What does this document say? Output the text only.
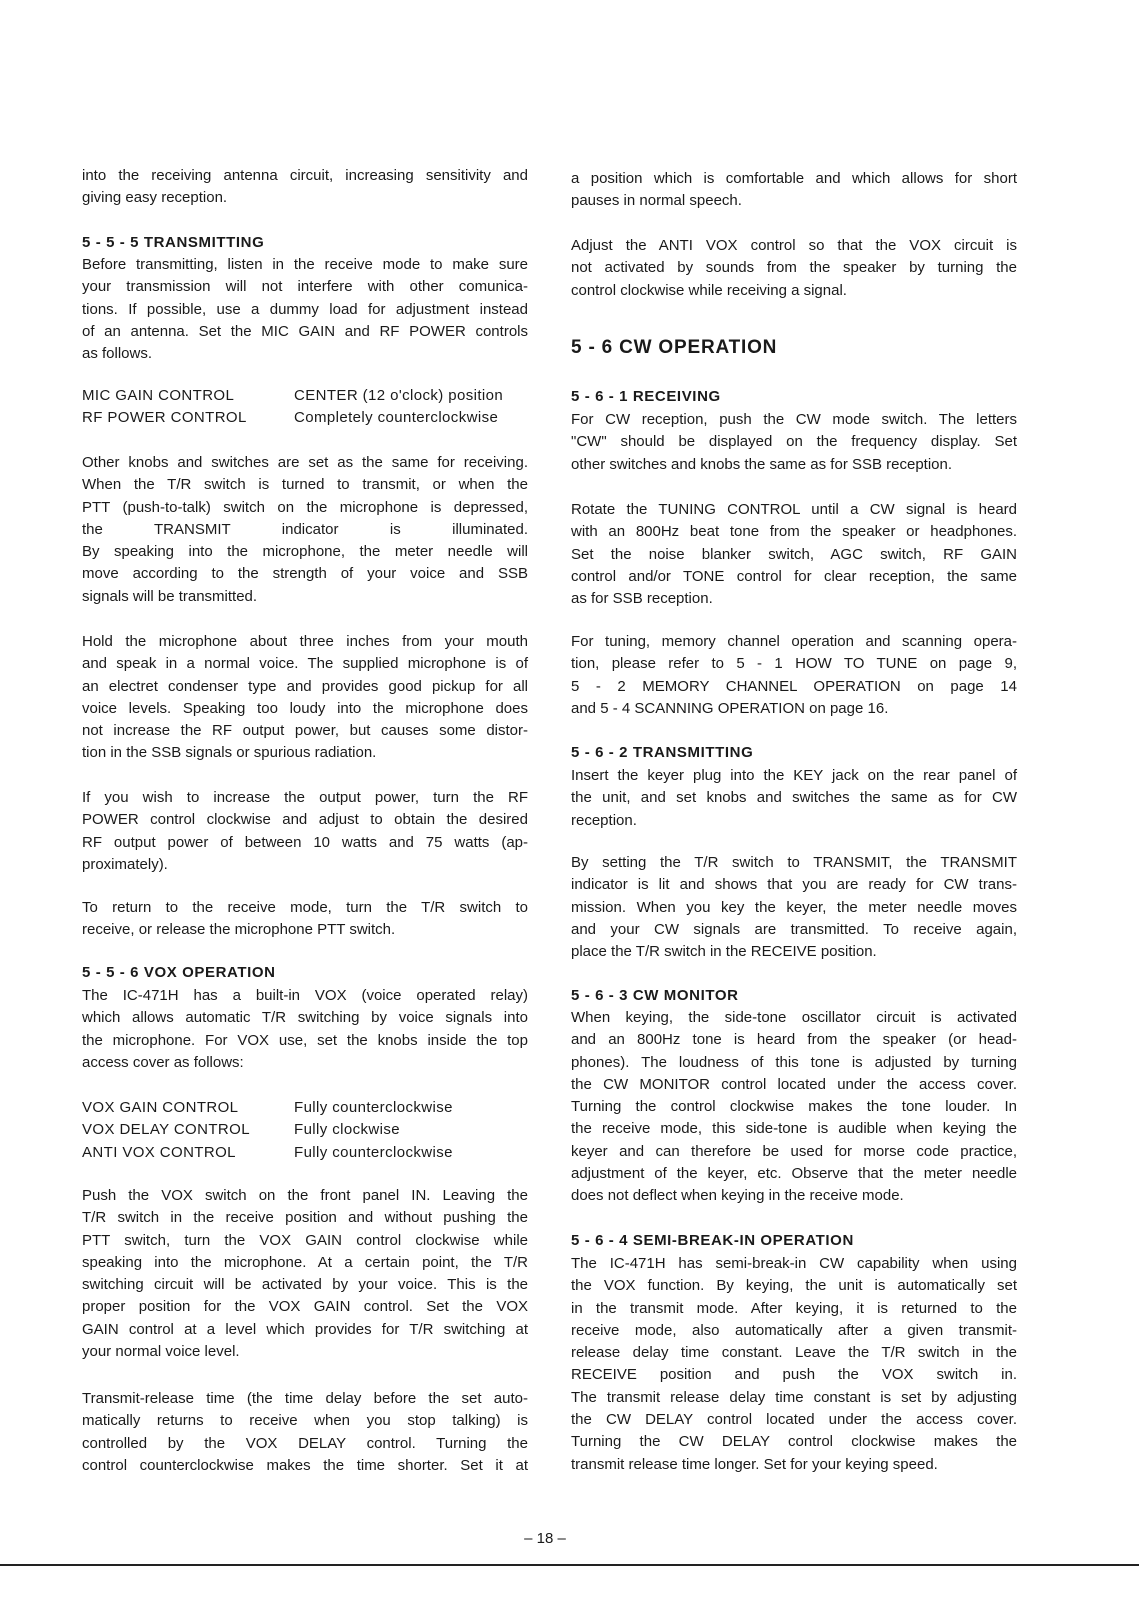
into the receiving antenna circuit, increasing sensitivity and
giving easy reception.
5 - 5 - 5 TRANSMITTING
Before transmitting, listen in the receive mode to make sure
your transmission will not interfere with other comunica-
tions. If possible, use a dummy load for adjustment instead
of an antenna. Set the MIC GAIN and RF POWER controls
as follows.
MIC GAIN CONTROL	CENTER (12 o'clock) position
RF POWER CONTROL	Completely counterclockwise
Other knobs and switches are set as the same for receiving.
When the T/R switch is turned to transmit, or when the
PTT (push-to-talk) switch on the microphone is depressed,
the TRANSMIT indicator is illuminated.
By speaking into the microphone, the meter needle will
move according to the strength of your voice and SSB
signals will be transmitted.
Hold the microphone about three inches from your mouth
and speak in a normal voice. The supplied microphone is of
an electret condenser type and provides good pickup for all
voice levels. Speaking too loudy into the microphone does
not increase the RF output power, but causes some distor-
tion in the SSB signals or spurious radiation.
If you wish to increase the output power, turn the RF
POWER control clockwise and adjust to obtain the desired
RF output power of between 10 watts and 75 watts (ap-
proximately).
To return to the receive mode, turn the T/R switch to
receive, or release the microphone PTT switch.
5 - 5 - 6 VOX OPERATION
The IC-471H has a built-in VOX (voice operated relay)
which allows automatic T/R switching by voice signals into
the microphone. For VOX use, set the knobs inside the top
access cover as follows:
VOX GAIN CONTROL	Fully counterclockwise
VOX DELAY CONTROL	Fully clockwise
ANTI VOX CONTROL	Fully counterclockwise
Push the VOX switch on the front panel IN. Leaving the
T/R switch in the receive position and without pushing the
PTT switch, turn the VOX GAIN control clockwise while
speaking into the microphone. At a certain point, the T/R
switching circuit will be activated by your voice. This is the
proper position for the VOX GAIN control. Set the VOX
GAIN control at a level which provides for T/R switching at
your normal voice level.
Transmit-release time (the time delay before the set auto-
matically returns to receive when you stop talking) is
controlled by the VOX DELAY control. Turning the
control counterclockwise makes the time shorter. Set it at
a position which is comfortable and which allows for short
pauses in normal speech.
Adjust the ANTI VOX control so that the VOX circuit is
not activated by sounds from the speaker by turning the
control clockwise while receiving a signal.
5 - 6 CW OPERATION
5 - 6 - 1 RECEIVING
For CW reception, push the CW mode switch. The letters
"CW" should be displayed on the frequency display. Set
other switches and knobs the same as for SSB reception.
Rotate the TUNING CONTROL until a CW signal is heard
with an 800Hz beat tone from the speaker or headphones.
Set the noise blanker switch, AGC switch, RF GAIN
control and/or TONE control for clear reception, the same
as for SSB reception.
For tuning, memory channel operation and scanning opera-
tion, please refer to 5 - 1 HOW TO TUNE on page 9,
5 - 2 MEMORY CHANNEL OPERATION on page 14
and 5 - 4 SCANNING OPERATION on page 16.
5 - 6 - 2 TRANSMITTING
Insert the keyer plug into the KEY jack on the rear panel of
the unit, and set knobs and switches the same as for CW
reception.
By setting the T/R switch to TRANSMIT, the TRANSMIT
indicator is lit and shows that you are ready for CW trans-
mission. When you key the keyer, the meter needle moves
and your CW signals are transmitted. To receive again,
place the T/R switch in the RECEIVE position.
5 - 6 - 3 CW MONITOR
When keying, the side-tone oscillator circuit is activated
and an 800Hz tone is heard from the speaker (or head-
phones). The loudness of this tone is adjusted by turning
the CW MONITOR control located under the access cover.
Turning the control clockwise makes the tone louder. In
the receive mode, this side-tone is audible when keying the
keyer and can therefore be used for morse code practice,
adjustment of the keyer, etc. Observe that the meter needle
does not deflect when keying in the receive mode.
5 - 6 - 4 SEMI-BREAK-IN OPERATION
The IC-471H has semi-break-in CW capability when using
the VOX function. By keying, the unit is automatically set
in the transmit mode. After keying, it is returned to the
receive mode, also automatically after a given transmit-
release delay time constant. Leave the T/R switch in the
RECEIVE position and push the VOX switch in.
The transmit release delay time constant is set by adjusting
the CW DELAY control located under the access cover.
Turning the CW DELAY control clockwise makes the
transmit release time longer. Set for your keying speed.
– 18 –
